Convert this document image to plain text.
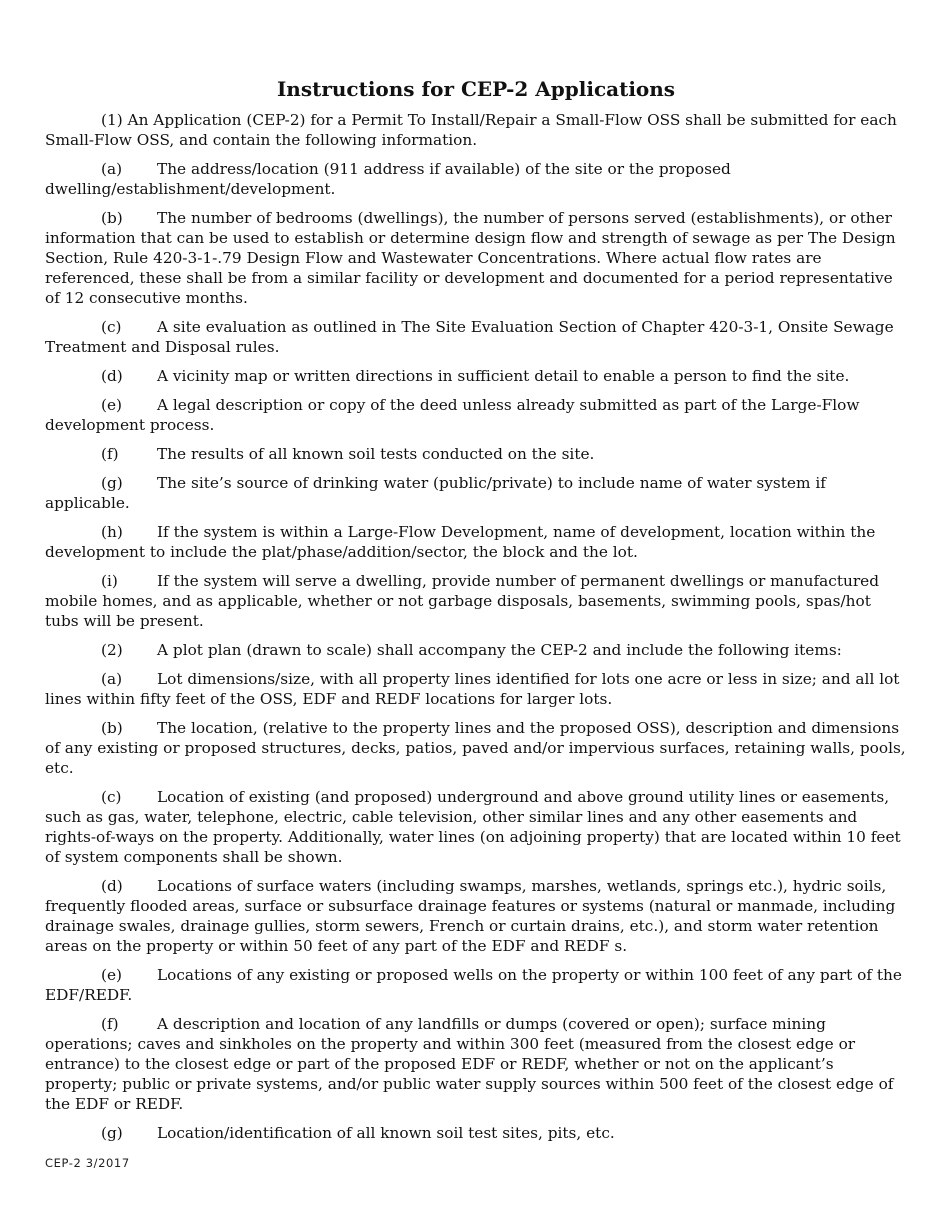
Instructions for CEP-2 Applications

(1) An Application (CEP-2) for a Permit To Install/Repair a Small-Flow OSS shall be submitted for each Small-Flow OSS, and contain the following information.

(a) The address/location (911 address if available) of the site or the proposed dwelling/establishment/development.

(b) The number of bedrooms (dwellings), the number of persons served (establishments), or other information that can be used to establish or determine design flow and strength of sewage as per The Design Section, Rule 420-3-1-.79 Design Flow and Wastewater Concentrations. Where actual flow rates are referenced, these shall be from a similar facility or development and documented for a period representative of 12 consecutive months.

(c) A site evaluation as outlined in The Site Evaluation Section of Chapter 420-3-1, Onsite Sewage Treatment and Disposal rules.

(d) A vicinity map or written directions in sufficient detail to enable a person to find the site.

(e) A legal description or copy of the deed unless already submitted as part of the Large-Flow development process.

(f)	The results of all known soil tests conducted on the site.

(g) The site’s source of drinking water (public/private) to include name of water system if applicable.

(h) If the system is within a Large-Flow Development, name of development, location within the development to include the plat/phase/addition/sector, the block and the lot.

(i)	If the system will serve a dwelling, provide number of permanent dwellings or manufactured mobile homes, and as applicable, whether or not garbage disposals, basements, swimming pools, spas/hot tubs will be present.

(2) A plot plan (drawn to scale) shall accompany the CEP-2 and include the following items:

(a) Lot dimensions/size, with all property lines identified for lots one acre or less in size; and all lot lines within fifty feet of the OSS, EDF and REDF locations for larger lots.

(b) The location, (relative to the property lines and the proposed OSS), description and dimensions of any existing or proposed structures, decks, patios, paved and/or impervious surfaces, retaining walls, pools, etc.

(c) Location of existing (and proposed) underground and above ground utility lines or easements, such as gas, water, telephone, electric, cable television, other similar lines and any other easements and rights-of-ways on the property. Additionally, water lines (on adjoining property) that are located within 10 feet of system components shall be shown.

(d) Locations of surface waters (including swamps, marshes, wetlands, springs etc.), hydric soils, frequently flooded areas, surface or subsurface drainage features or systems (natural or manmade, including drainage swales, drainage gullies, storm sewers, French or curtain drains, etc.), and storm water retention areas on the property or within 50 feet of any part of the EDF and REDF s.

(e) Locations of any existing or proposed wells on the property or within 100 feet of any part of the EDF/REDF.

(f)	A description and location of any landfills or dumps (covered or open); surface mining operations; caves and sinkholes on the property and within 300 feet (measured from the closest edge or entrance) to the closest edge or part of the proposed EDF or REDF, whether or not on the applicant’s property; public or private systems, and/or public water supply sources within 500 feet of the closest edge of the EDF or REDF.

(g) Location/identification of all known soil test sites, pits, etc.

CEP-2 3/2017
